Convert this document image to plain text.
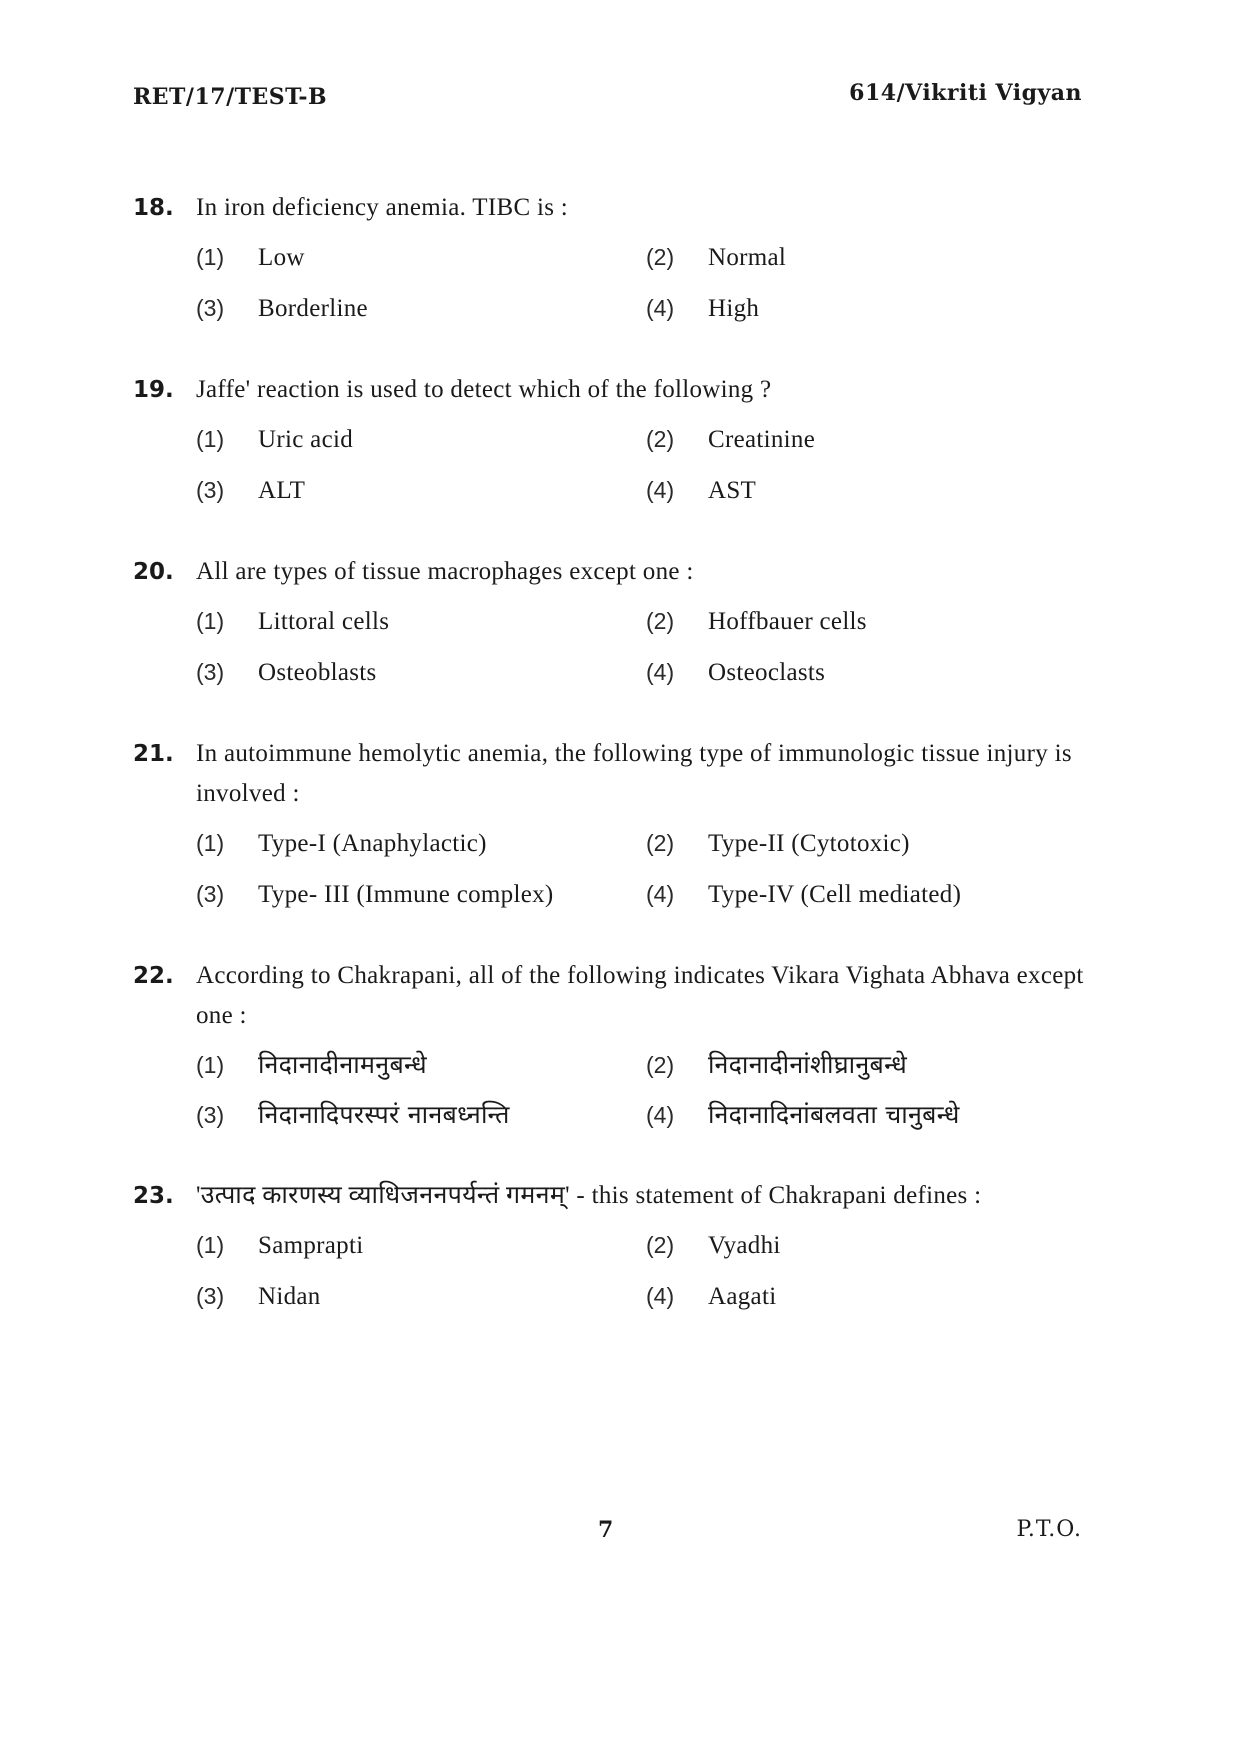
RET/17/TEST-B	614/Vikriti Vigyan
18. In iron deficiency anemia. TIBC is :
(1)	Low	(2)	Normal
(3)	Borderline	(4)	High
19. Jaffe' reaction is used to detect which of the following ?
(1)	Uric acid	(2)	Creatinine
(3)	ALT	(4)	AST
20. All are types of tissue macrophages except one :
(1)	Littoral cells	(2)	Hoffbauer cells
(3)	Osteoblasts	(4)	Osteoclasts
21. In autoimmune hemolytic anemia, the following type of immunologic tissue injury is involved :
(1)	Type-I (Anaphylactic)	(2)	Type-II (Cytotoxic)
(3)	Type- III (Immune complex)	(4)	Type-IV (Cell mediated)
22. According to Chakrapani, all of the following indicates Vikara Vighata Abhava except one :
(1)	निदानादीनामनुबन्धे	(2)	निदानादीनांशीघ्रानुबन्धे
(3)	निदानादिपरस्परं नानबध्नन्ति	(4)	निदानादिनांबलवता चानुबन्धे
23. 'उत्पाद कारणस्य व्याधिजननपर्यन्तं गमनम्' - this statement of Chakrapani defines :
(1)	Samprapti	(2)	Vyadhi
(3)	Nidan	(4)	Aagati
7	P.T.O.
